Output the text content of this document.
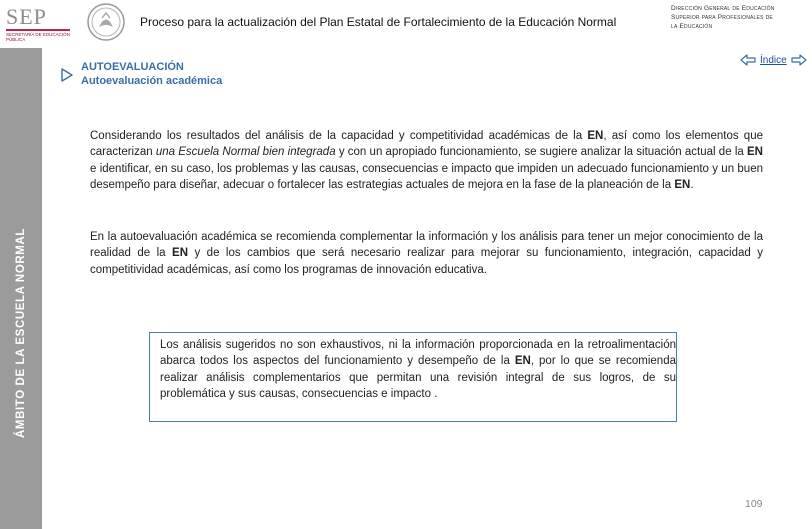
SEP
SECRETARÍA DE EDUCACIÓN PÚBLICA
Proceso para la actualización del Plan Estatal de Fortalecimiento de la Educación Normal
Dirección General de Educación
Superior para Profesionales de
la Educación
ÁMBITO DE LA ESCUELA NORMAL
AUTOEVALUACIÓN
Autoevaluación académica
Índice

Considerando los resultados del análisis de la capacidad y competitividad académicas de la EN, así como los elementos que caracterizan una Escuela Normal bien integrada y con un apropiado funcionamiento, se sugiere analizar la situación actual de la EN e identificar, en su caso, los problemas y las causas, consecuencias e impacto que impiden un adecuado funcionamiento y un buen desempeño para diseñar, adecuar o fortalecer las estrategias actuales de mejora en la fase de la planeación de la EN.

En la autoevaluación académica se recomienda complementar la información y los análisis para tener un mejor conocimiento de la realidad de la EN y de los cambios que será necesario realizar para mejorar su funcionamiento, integración, capacidad y competitividad académicas, así como los programas de innovación educativa.

Los análisis sugeridos no son exhaustivos, ni la información proporcionada en la retroalimentación abarca todos los aspectos del funcionamiento y desempeño de la EN, por lo que se recomienda realizar análisis complementarios que permitan una revisión integral de sus logros, de su problemática y sus causas, consecuencias e impacto .

109
